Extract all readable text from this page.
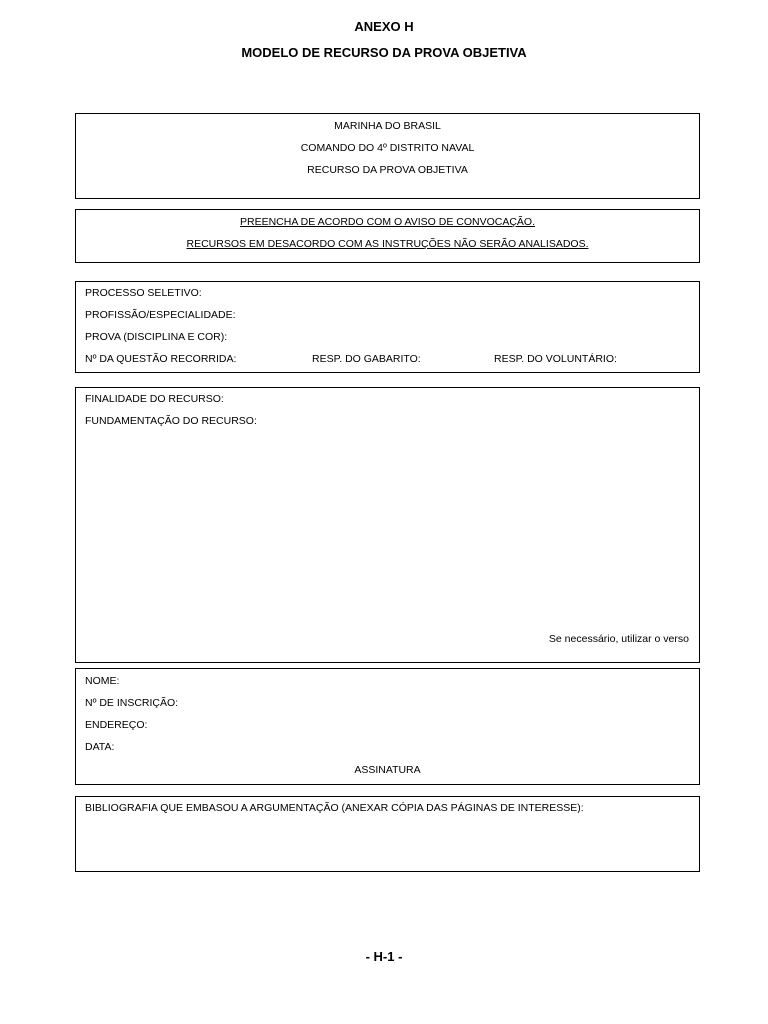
ANEXO H
MODELO DE RECURSO DA PROVA OBJETIVA
MARINHA DO BRASIL
COMANDO DO 4º DISTRITO NAVAL
RECURSO DA PROVA OBJETIVA
PREENCHA DE ACORDO COM O AVISO DE CONVOCAÇÃO.
RECURSOS EM DESACORDO COM AS INSTRUÇÕES NÃO SERÃO ANALISADOS.
PROCESSO SELETIVO:
PROFISSÃO/ESPECIALIDADE:
PROVA (DISCIPLINA E COR):
Nº DA QUESTÃO RECORRIDA:	RESP. DO GABARITO:	RESP. DO VOLUNTÁRIO:
FINALIDADE DO RECURSO:
FUNDAMENTAÇÃO DO RECURSO:
Se necessário, utilizar o verso
NOME:
Nº DE INSCRIÇÃO:
ENDEREÇO:
DATA:
ASSINATURA
BIBLIOGRAFIA QUE EMBASOU A ARGUMENTAÇÃO (ANEXAR CÓPIA DAS PÁGINAS DE INTERESSE):
- H-1 -
